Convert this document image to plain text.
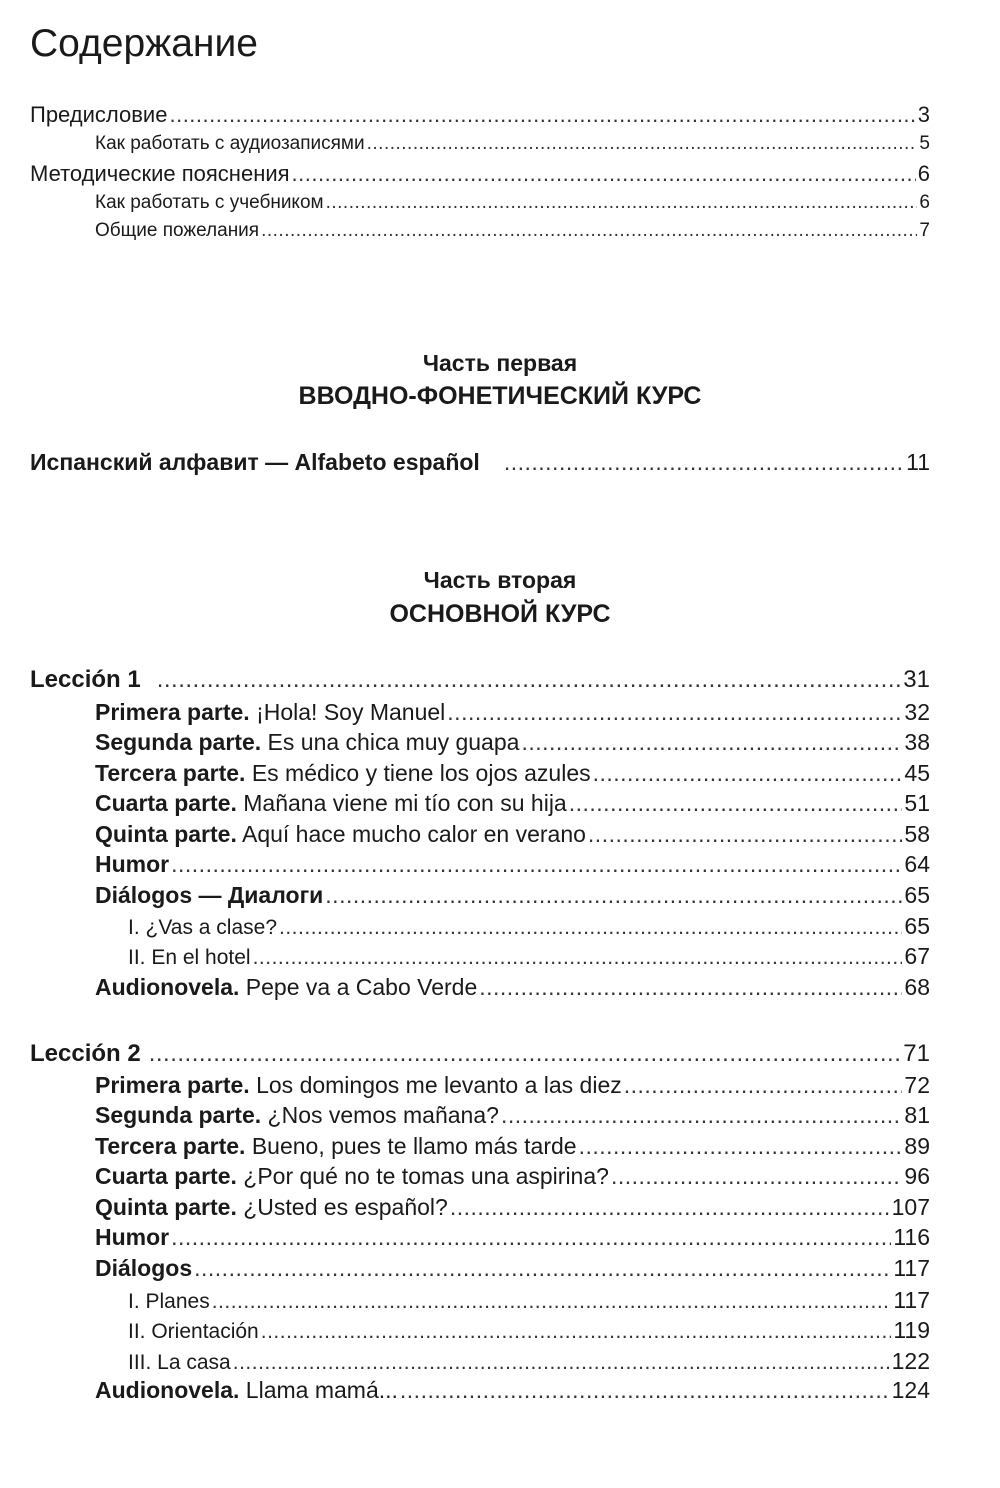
Содержание
Предисловие .....	3
Как работать с аудиозаписями .....	5
Методические пояснения .....	6
Как работать с учебником .....	6
Общие пожелания .....	7
Часть первая
ВВОДНО-ФОНЕТИЧЕСКИЙ КУРС
Испанский алфавит — Alfabeto español .....	11
Часть вторая
ОСНОВНОЙ КУРС
Lección 1 .....	31
Primera parte. ¡Hola! Soy Manuel .....	32
Segunda parte. Es una chica muy guapa .....	38
Tercera parte. Es médico y tiene los ojos azules .....	45
Cuarta parte. Mañana viene mi tío con su hija .....	51
Quinta parte. Aquí hace mucho calor en verano .....	58
Humor .....	64
Diálogos — Диалоги .....	65
I. ¿Vas a clase? .....	65
II. En el hotel .....	67
Audionovela. Pepe va a Cabo Verde .....	68
Lección 2 .....	71
Primera parte. Los domingos me levanto a las diez .....	72
Segunda parte. ¿Nos vemos mañana? .....	81
Tercera parte. Bueno, pues te llamo más tarde .....	89
Cuarta parte. ¿Por qué no te tomas una aspirina? .....	96
Quinta parte. ¿Usted es español? .....	107
Humor .....	116
Diálogos .....	117
I. Planes .....	117
II. Orientación .....	119
III. La casa .....	122
Audionovela. Llama mamá... .....	124
